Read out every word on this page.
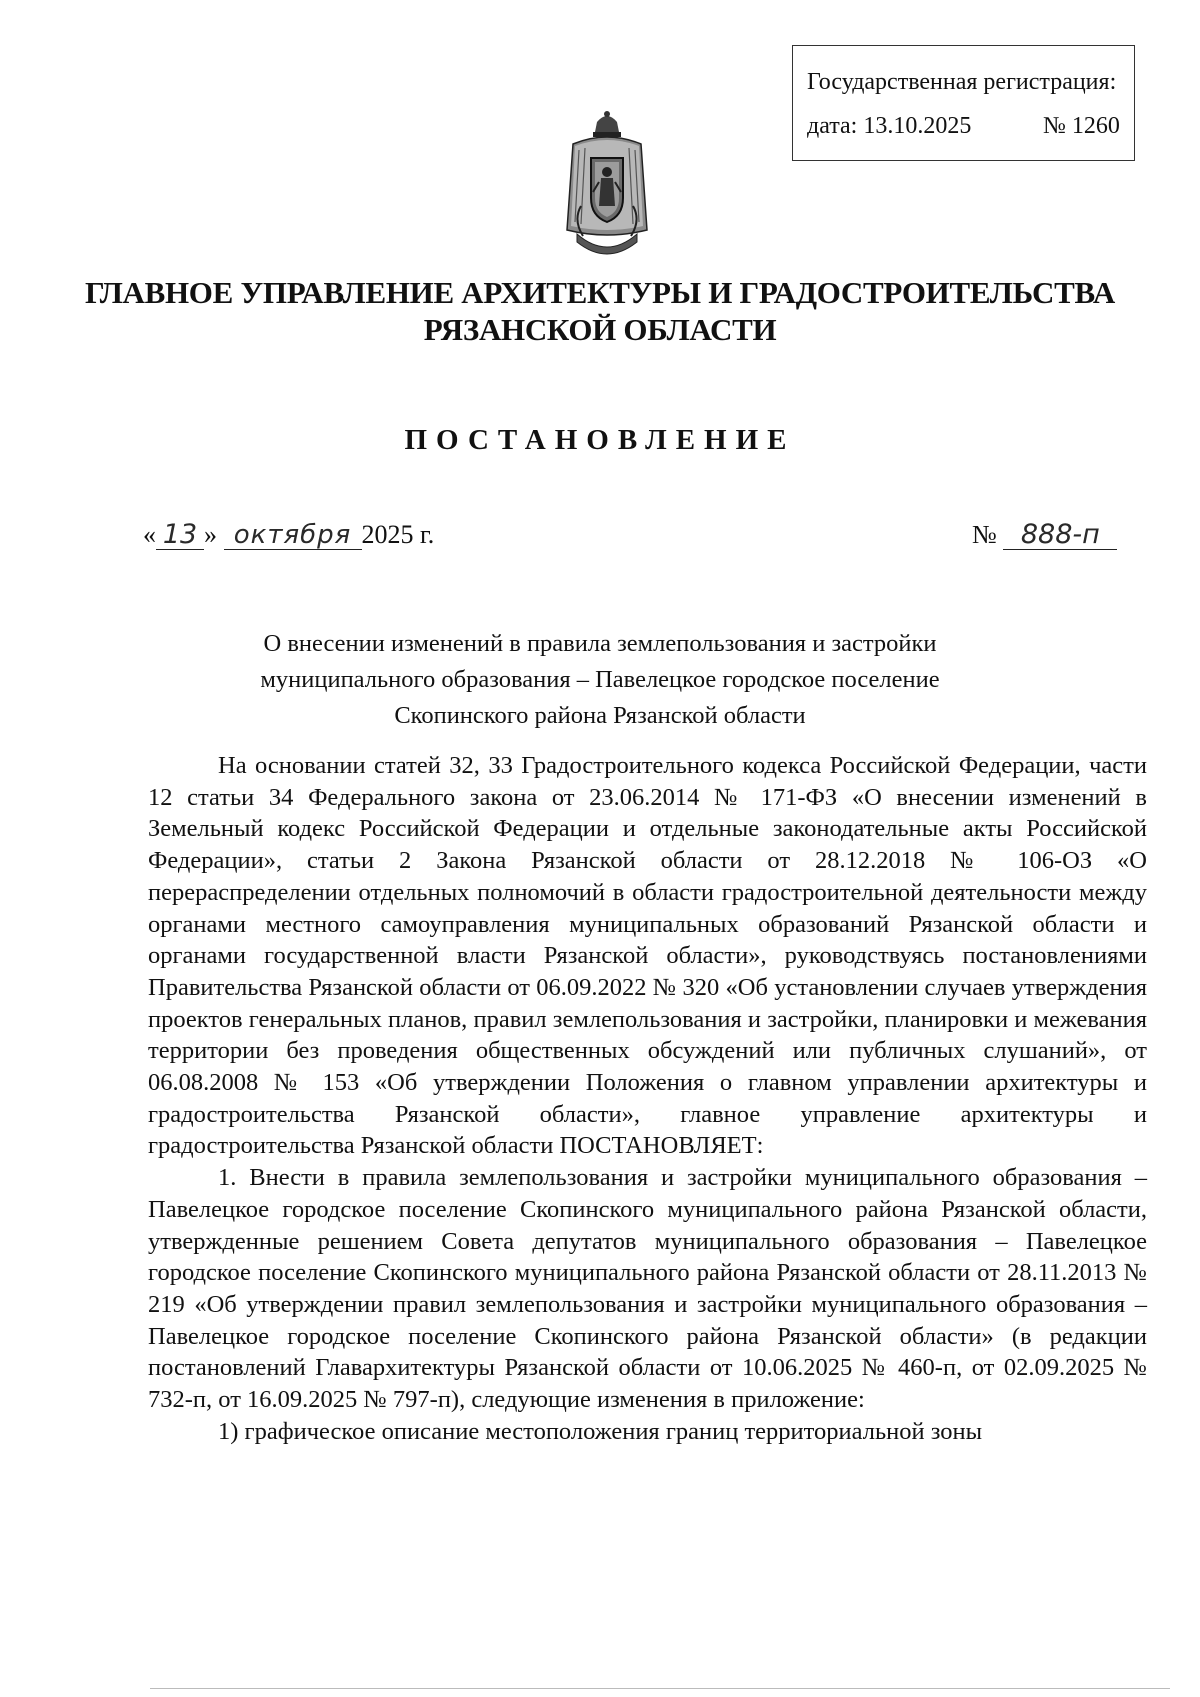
Государственная регистрация:
дата: 13.10.2025	№ 1260
ГЛАВНОЕ УПРАВЛЕНИЕ АРХИТЕКТУРЫ И ГРАДОСТРОИТЕЛЬСТВА
РЯЗАНСКОЙ ОБЛАСТИ
ПОСТАНОВЛЕНИЕ
« 13 » октября 2025 г.	№ 888-п
О внесении изменений в правила землепользования и застройки
муниципального образования – Павелецкое городское поселение
Скопинского района Рязанской области

На основании статей 32, 33 Градостроительного кодекса Российской Федерации, части 12 статьи 34 Федерального закона от 23.06.2014 № 171-ФЗ «О внесении изменений в Земельный кодекс Российской Федерации и отдельные законодательные акты Российской Федерации», статьи 2 Закона Рязанской области от 28.12.2018 № 106-ОЗ «О перераспределении отдельных полномочий в области градостроительной деятельности между органами местного самоуправления муниципальных образований Рязанской области и органами государственной власти Рязанской области», руководствуясь постановлениями Правительства Рязанской области от 06.09.2022 № 320 «Об установлении случаев утверждения проектов генеральных планов, правил землепользования и застройки, планировки и межевания территории без проведения общественных обсуждений или публичных слушаний», от 06.08.2008 № 153 «Об утверждении Положения о главном управлении архитектуры и градостроительства Рязанской области», главное управление архитектуры и градостроительства Рязанской области ПОСТАНОВЛЯЕТ:

1. Внести в правила землепользования и застройки муниципального образования – Павелецкое городское поселение Скопинского муниципального района Рязанской области, утвержденные решением Совета депутатов муниципального образования – Павелецкое городское поселение Скопинского муниципального района Рязанской области от 28.11.2013 № 219 «Об утверждении правил землепользования и застройки муниципального образования – Павелецкое городское поселение Скопинского района Рязанской области» (в редакции постановлений Главархитектуры Рязанской области от 10.06.2025 № 460-п, от 02.09.2025 № 732-п, от 16.09.2025 № 797-п), следующие изменения в приложение:

1) графическое описание местоположения границ территориальной зоны
